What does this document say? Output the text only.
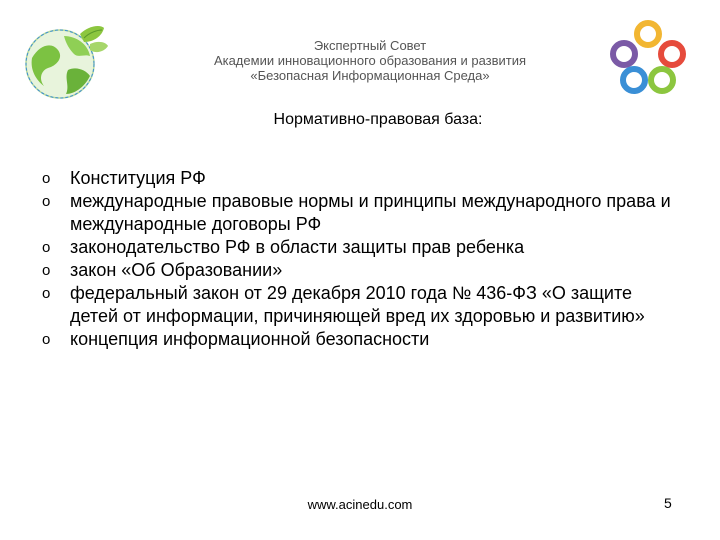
Экспертный Совет
Академии инновационного образования и развития
«Безопасная Информационная Среда»
Нормативно-правовая база:
o Конституция РФ
o международные правовые нормы и принципы международного права и международные договоры РФ
o законодательство РФ в области защиты прав ребенка
o закон «Об Образовании»
o федеральный закон от 29 декабря 2010 года № 436-ФЗ «О защите детей от информации, причиняющей вред их здоровью и развитию»
o концепция информационной безопасности
www.acinedu.com	5
